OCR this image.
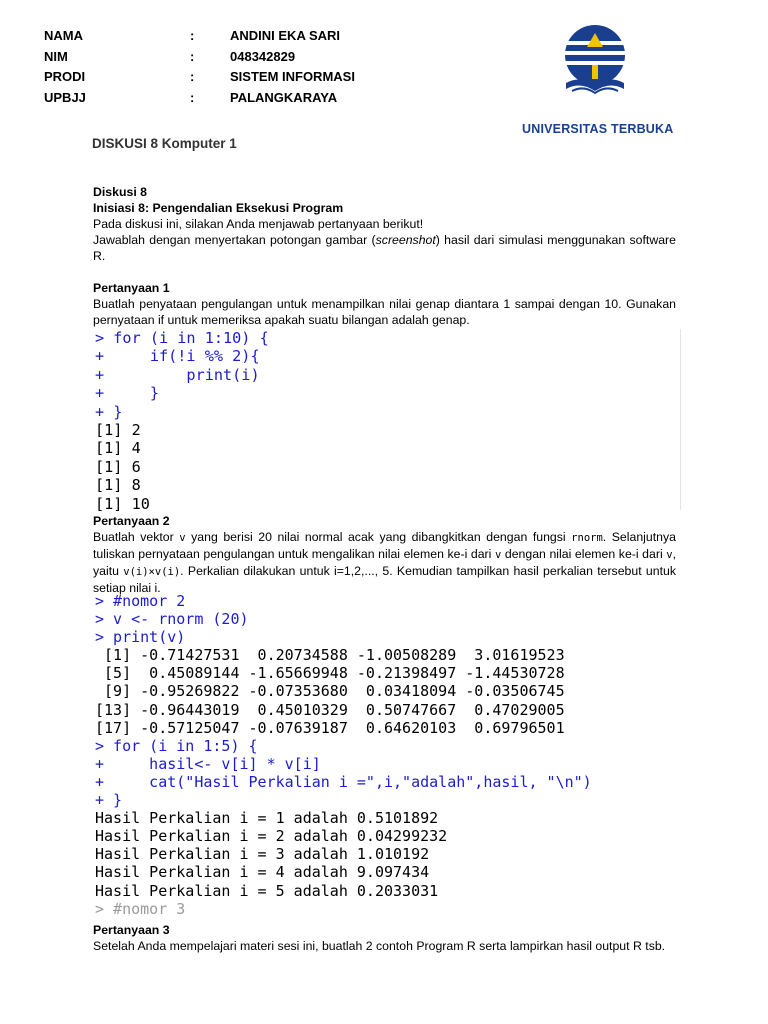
NAMA	:	ANDINI EKA SARI
NIM	:	048342829
PRODI	:	SISTEM INFORMASI
UPBJJ	:	PALANGKARAYA
UNIVERSITAS TERBUKA
DISKUSI 8 Komputer 1

Diskusi 8

Inisiasi 8: Pengendalian Eksekusi Program

Pada diskusi ini, silakan Anda menjawab pertanyaan berikut!

Jawablah dengan menyertakan potongan gambar (screenshot) hasil dari simulasi menggunakan software R.

Pertanyaan 1

Buatlah penyataan pengulangan untuk menampilkan nilai genap diantara 1 sampai dengan 10. Gunakan pernyataan if untuk memeriksa apakah suatu bilangan adalah genap.

> for (i in 1:10) {
+     if(!i %% 2){
+         print(i)
+     }
+ }
[1] 2
[1] 4
[1] 6
[1] 8
[1] 10

Pertanyaan 2

Buatlah vektor v yang berisi 20 nilai normal acak yang dibangkitkan dengan fungsi rnorm. Selanjutnya tuliskan pernyataan pengulangan untuk mengalikan nilai elemen ke-i dari v dengan nilai elemen ke-i dari v, yaitu v(i)×v(i). Perkalian dilakukan untuk i=1,2,..., 5. Kemudian tampilkan hasil perkalian tersebut untuk setiap nilai i.

> #nomor 2
> v <- rnorm (20)
> print(v)
[1] -0.71427531  0.20734588 -1.00508289  3.01619523
[5]  0.45089144 -1.65669948 -0.21398497 -1.44530728
[9] -0.95269822 -0.07353680  0.03418094 -0.03506745
[13] -0.96443019  0.45010329  0.50747667  0.47029005
[17] -0.57125047 -0.07639187  0.64620103  0.69796501
> for (i in 1:5) {
+     hasil<- v[i] * v[i]
+     cat("Hasil Perkalian i =",i,"adalah",hasil, "\n")
+ }
Hasil Perkalian i = 1 adalah 0.5101892
Hasil Perkalian i = 2 adalah 0.04299232
Hasil Perkalian i = 3 adalah 1.010192
Hasil Perkalian i = 4 adalah 9.097434
Hasil Perkalian i = 5 adalah 0.2033031

> #nomor 3

Pertanyaan 3

Setelah Anda mempelajari materi sesi ini, buatlah 2 contoh Program R serta lampirkan hasil output R tsb.
